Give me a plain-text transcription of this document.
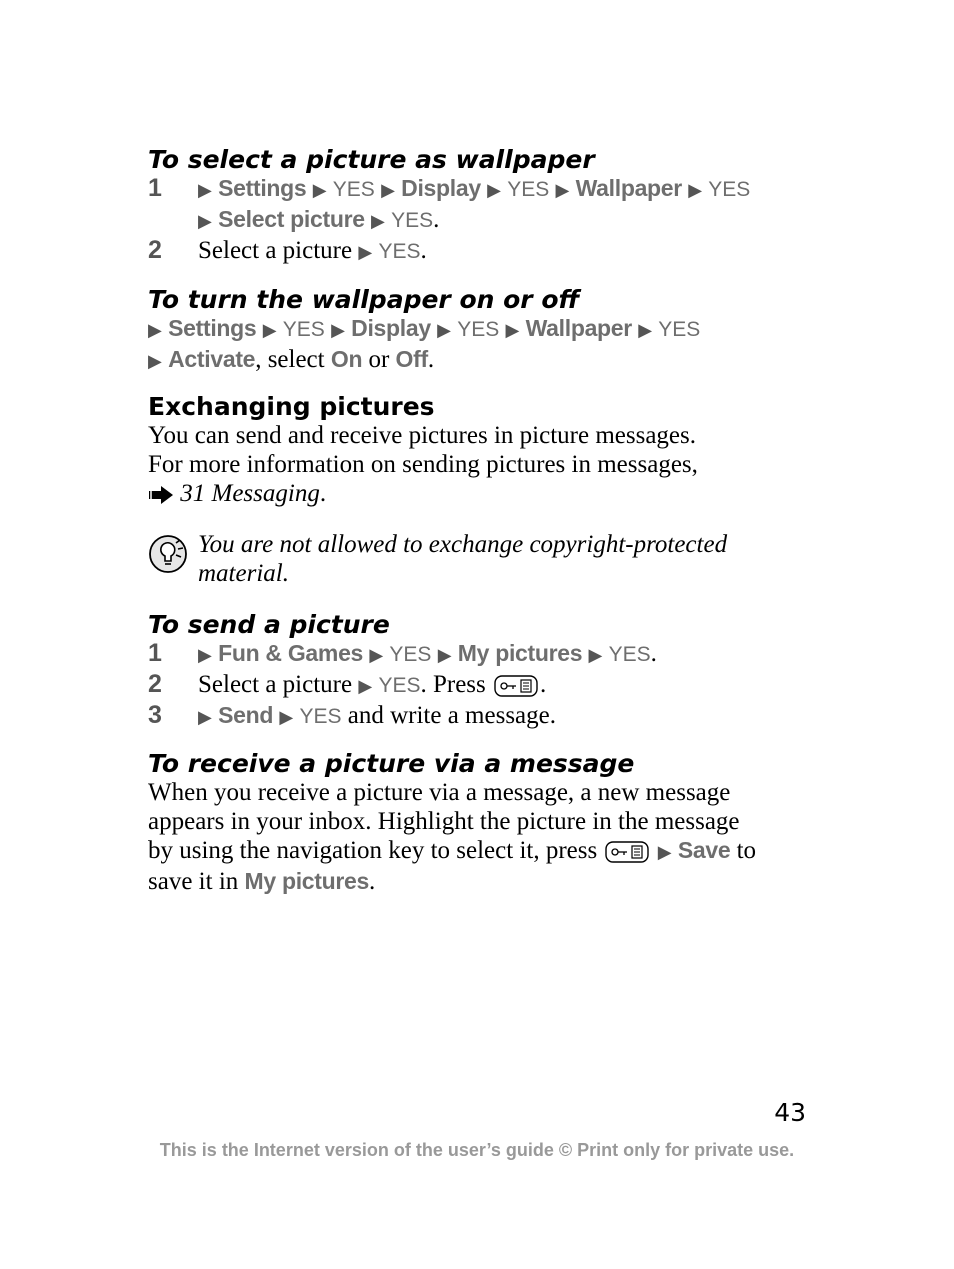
To select a picture as wallpaper
1 ▶ Settings ▶ YES ▶ Display ▶ YES ▶ Wallpaper ▶ YES
▶ Select picture ▶ YES.
2 Select a picture ▶ YES.
To turn the wallpaper on or off
▶ Settings ▶ YES ▶ Display ▶ YES ▶ Wallpaper ▶ YES
▶ Activate, select On or Off.
Exchanging pictures
You can send and receive pictures in picture messages.
For more information on sending pictures in messages,
31 Messaging.
You are not allowed to exchange copyright-protected
material.
To send a picture
1 ▶ Fun & Games ▶ YES ▶ My pictures ▶ YES.
2 Select a picture ▶ YES. Press .
3 ▶ Send ▶ YES and write a message.
To receive a picture via a message
When you receive a picture via a message, a new message
appears in your inbox. Highlight the picture in the message
by using the navigation key to select it, press	▶ Save to
save it in My pictures.
43
This is the Internet version of the user’s guide © Print only for private use.
